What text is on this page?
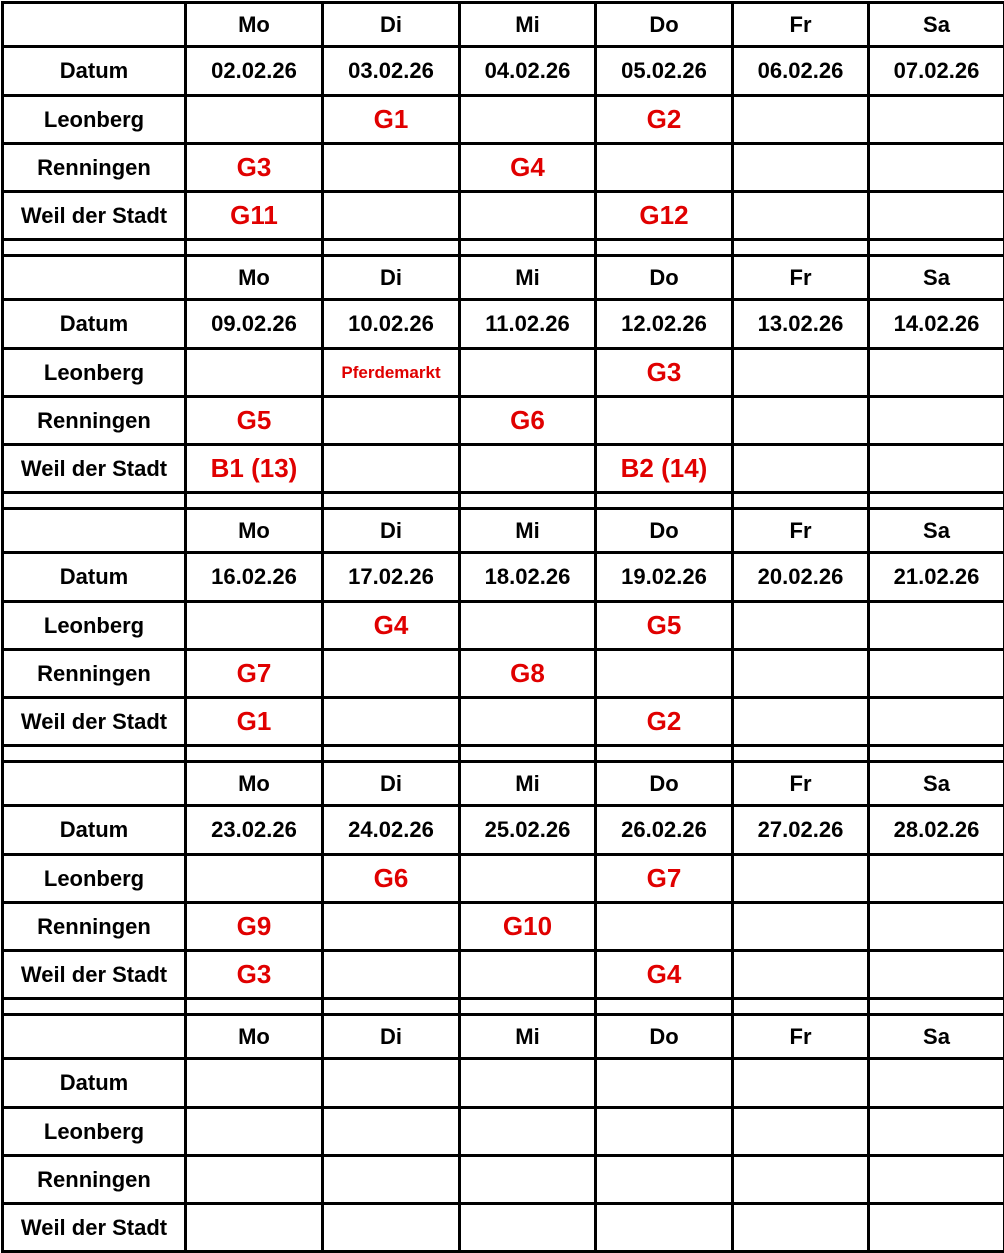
	Mo	Di	Mi	Do	Fr	Sa
Datum	02.02.26	03.02.26	04.02.26	05.02.26	06.02.26	07.02.26
Leonberg		G1		G2		
Renningen	G3		G4			
Weil der Stadt	G11			G12		

	Mo	Di	Mi	Do	Fr	Sa
Datum	09.02.26	10.02.26	11.02.26	12.02.26	13.02.26	14.02.26
Leonberg		Pferdemarkt		G3		
Renningen	G5		G6			
Weil der Stadt	B1 (13)			B2 (14)		

	Mo	Di	Mi	Do	Fr	Sa
Datum	16.02.26	17.02.26	18.02.26	19.02.26	20.02.26	21.02.26
Leonberg		G4		G5		
Renningen	G7		G8			
Weil der Stadt	G1			G2		

	Mo	Di	Mi	Do	Fr	Sa
Datum	23.02.26	24.02.26	25.02.26	26.02.26	27.02.26	28.02.26
Leonberg		G6		G7		
Renningen	G9		G10			
Weil der Stadt	G3			G4		

	Mo	Di	Mi	Do	Fr	Sa
Datum						
Leonberg						
Renningen						
Weil der Stadt						
